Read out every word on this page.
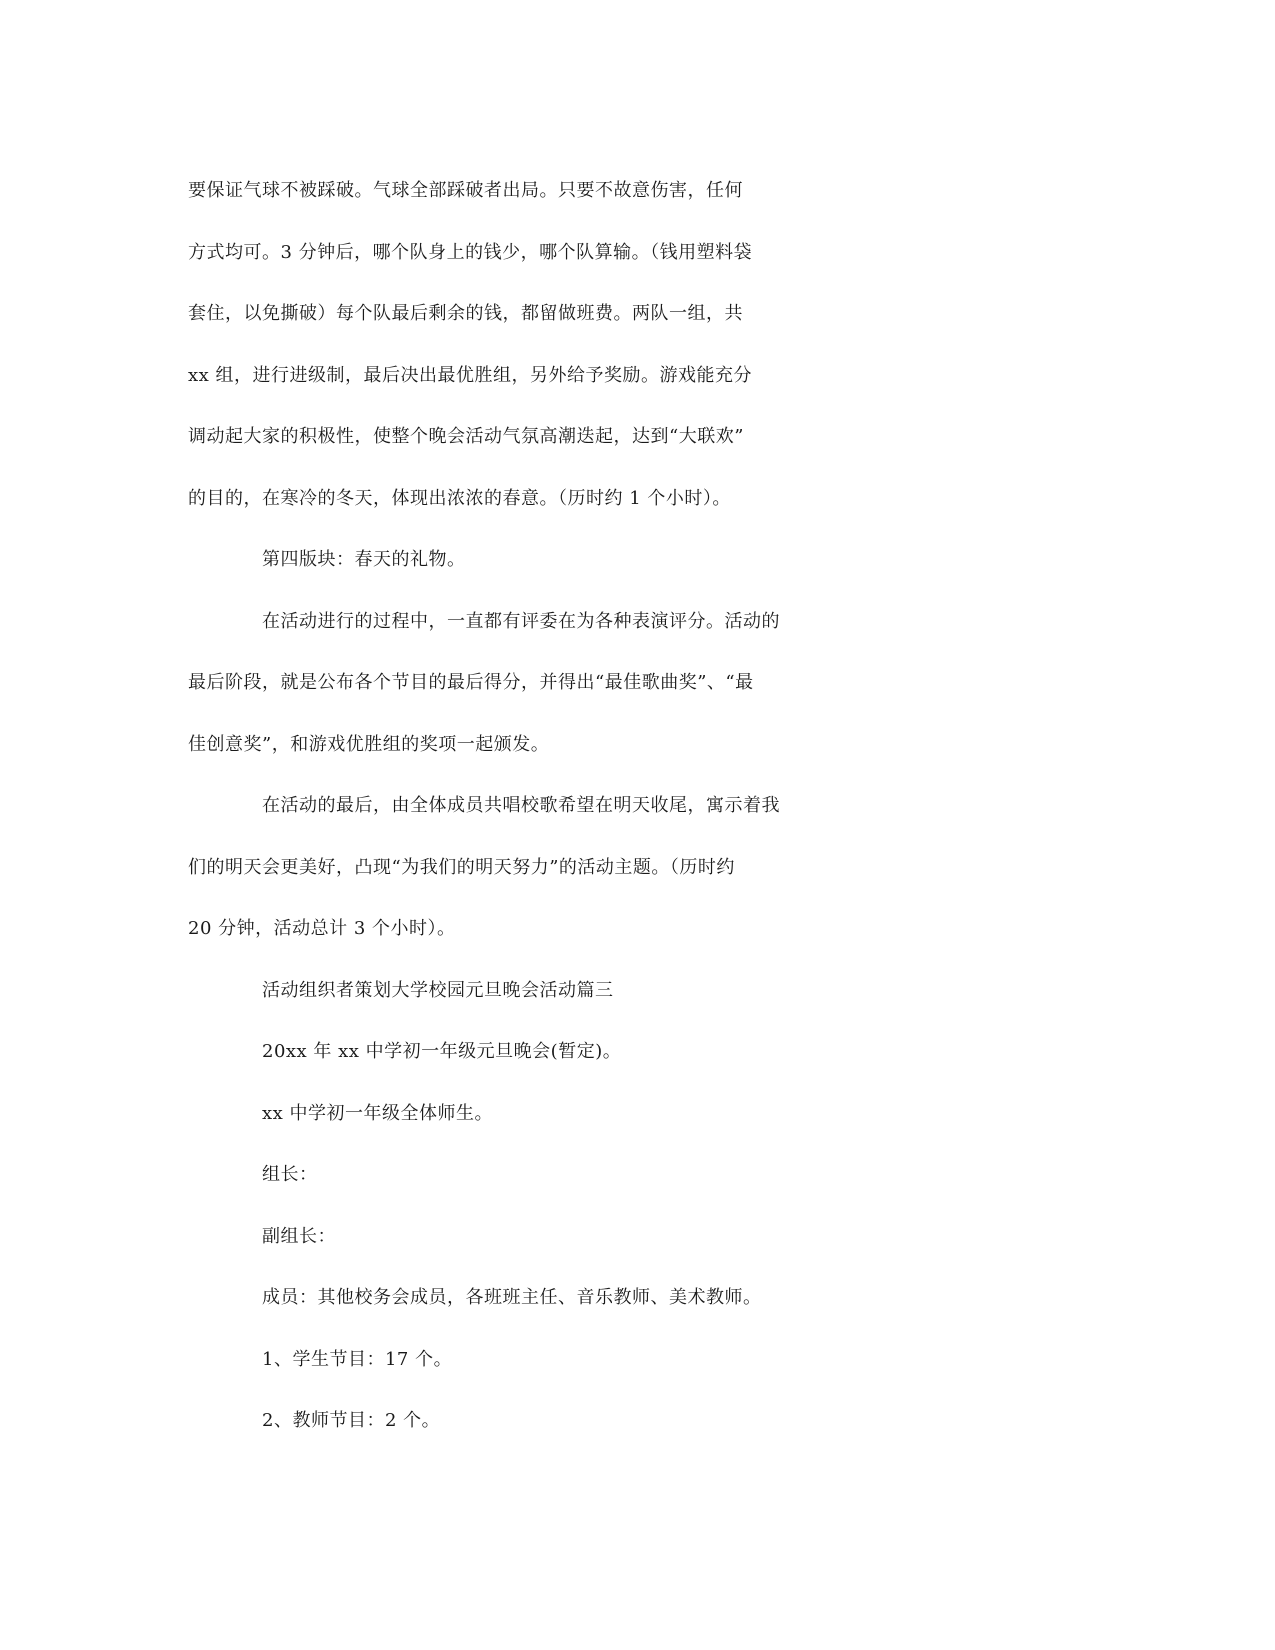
要保证气球不被踩破。气球全部踩破者出局。只要不故意伤害，任何
方式均可。3 分钟后，哪个队身上的钱少，哪个队算输。（钱用塑料袋
套住，以免撕破）每个队最后剩余的钱，都留做班费。两队一组，共
xx 组，进行进级制，最后决出最优胜组，另外给予奖励。游戏能充分
调动起大家的积极性，使整个晚会活动气氛高潮迭起，达到“大联欢”
的目的，在寒冷的冬天，体现出浓浓的春意。（历时约 1 个小时）。
第四版块：春天的礼物。
在活动进行的过程中，一直都有评委在为各种表演评分。活动的
最后阶段，就是公布各个节目的最后得分，并得出“最佳歌曲奖”、“最
佳创意奖”，和游戏优胜组的奖项一起颁发。
在活动的最后，由全体成员共唱校歌希望在明天收尾，寓示着我
们的明天会更美好，凸现“为我们的明天努力”的活动主题。（历时约
20 分钟，活动总计 3 个小时）。
活动组织者策划大学校园元旦晚会活动篇三
20xx 年 xx 中学初一年级元旦晚会(暂定)。
xx 中学初一年级全体师生。
组长：
副组长：
成员：其他校务会成员，各班班主任、音乐教师、美术教师。
1、学生节目：17 个。
2、教师节目：2 个。
